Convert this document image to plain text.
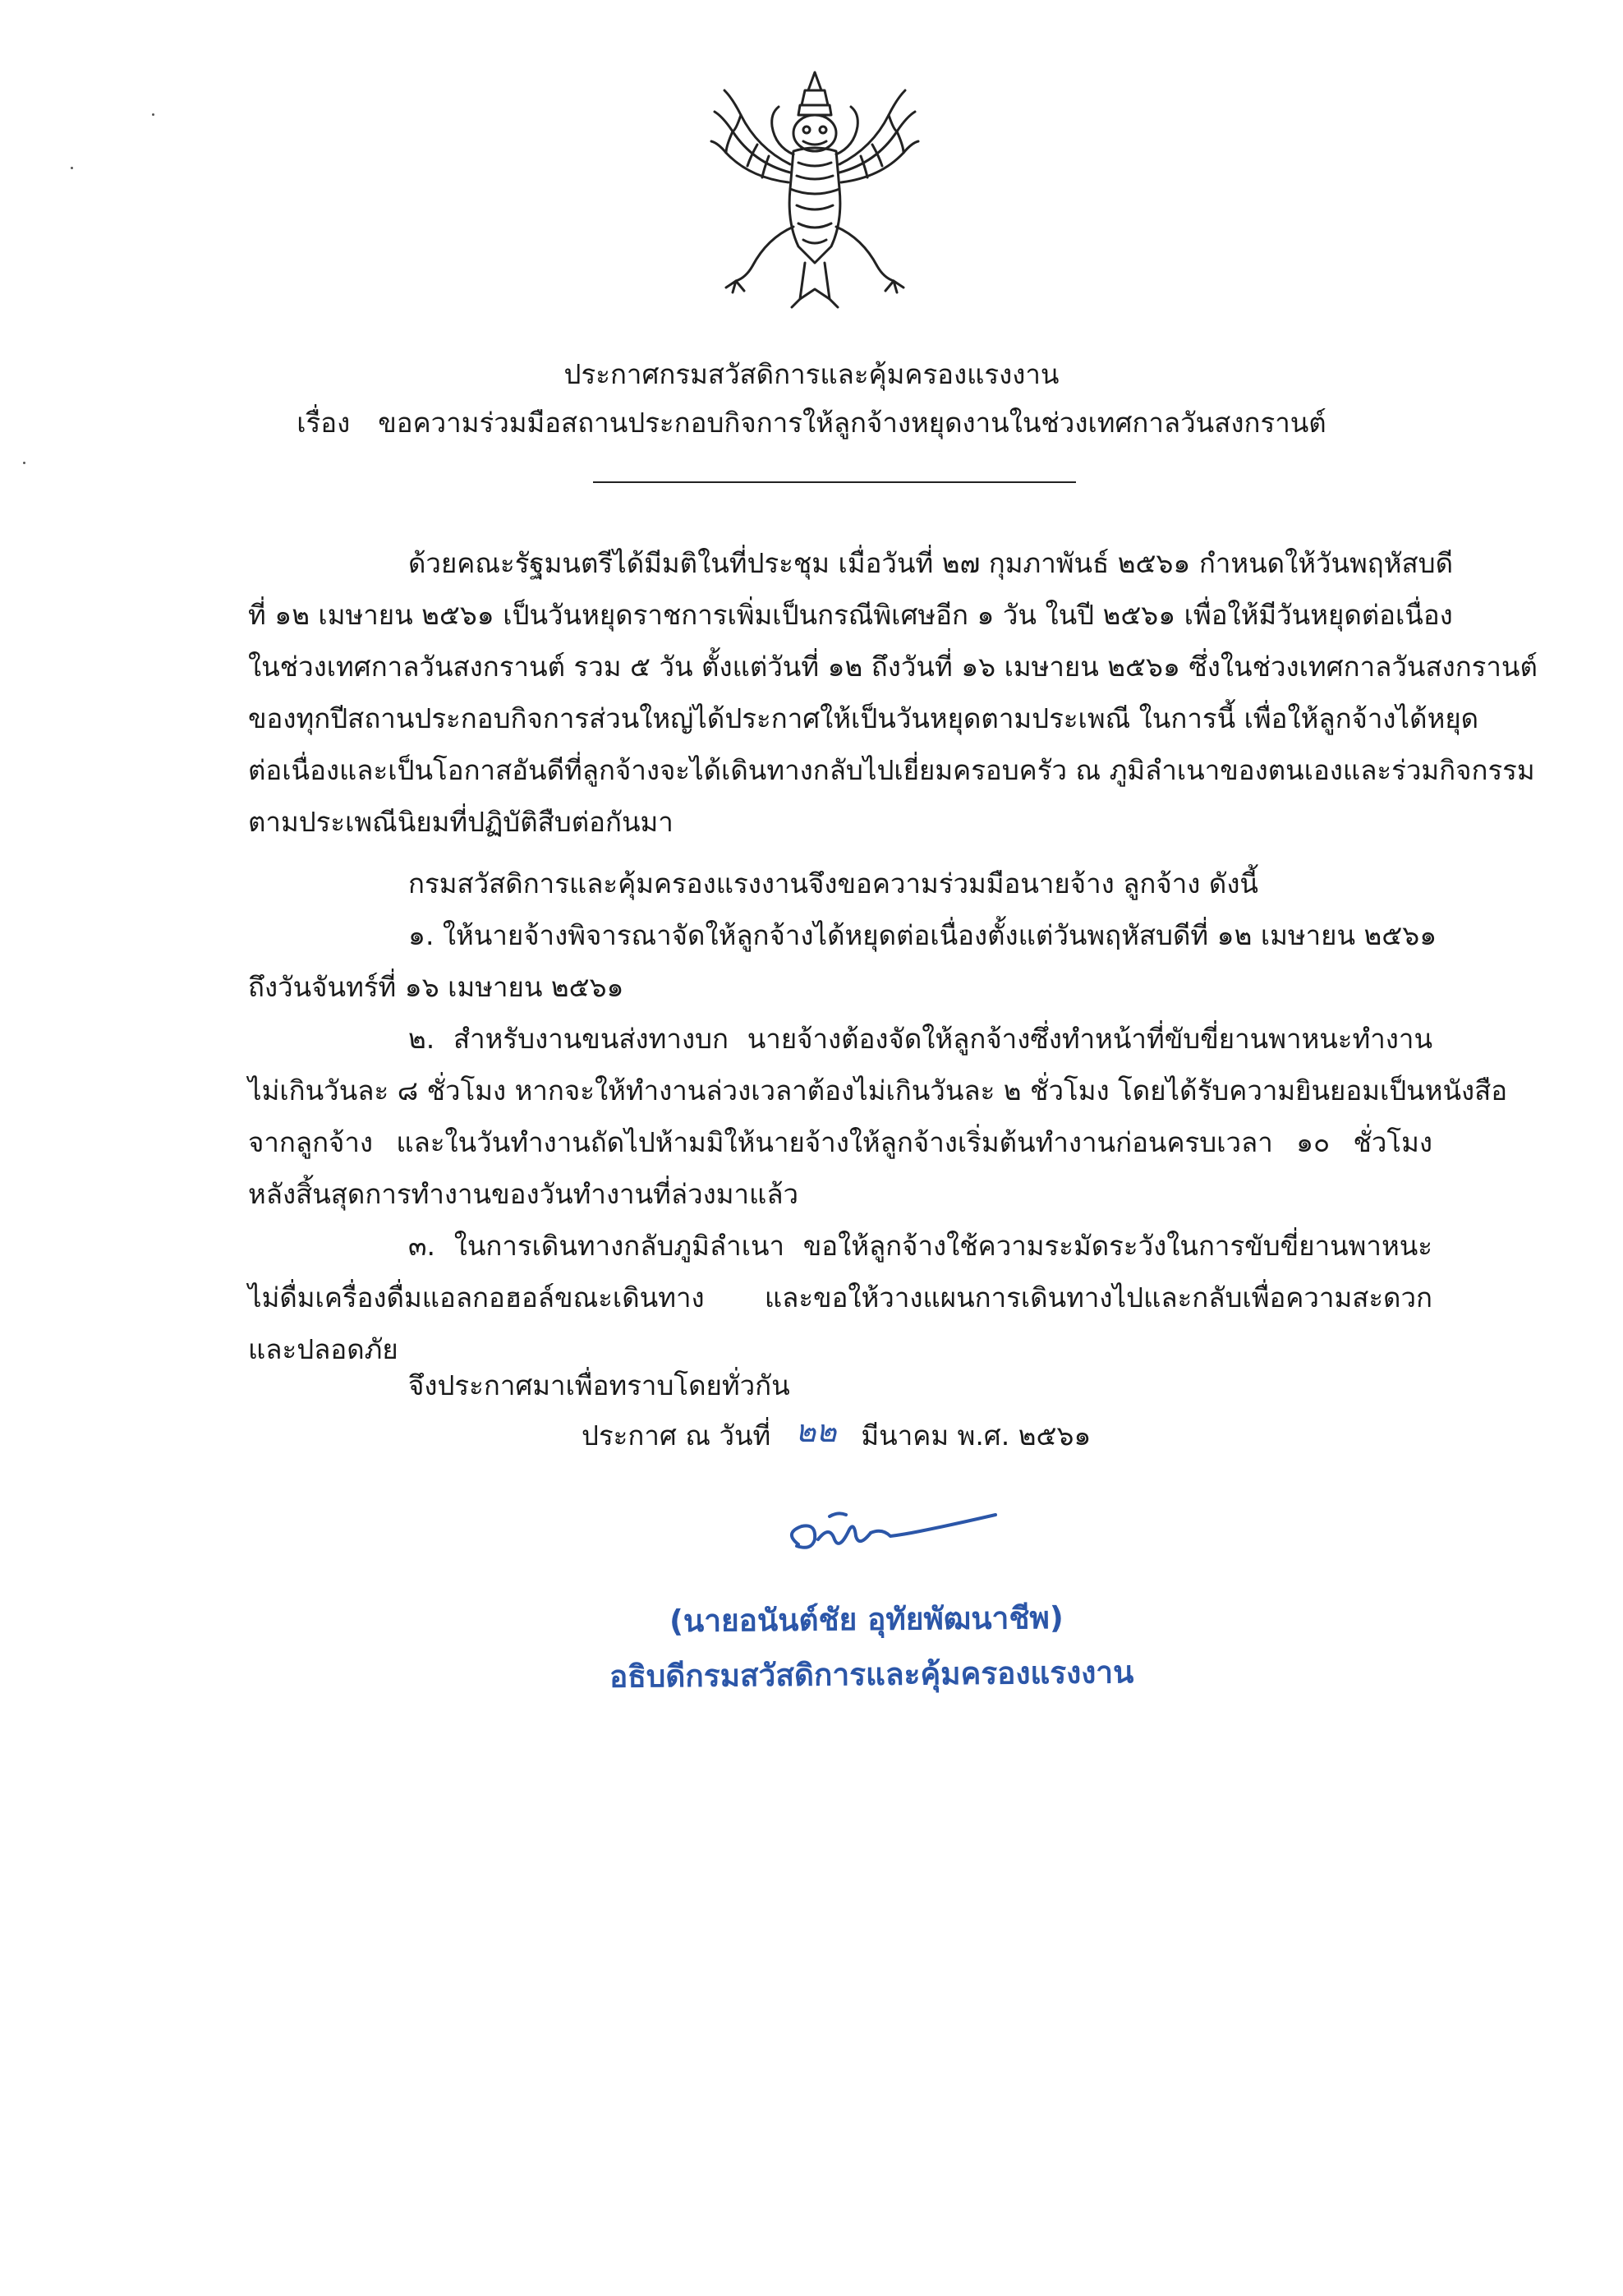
ประกาศกรมสวัสดิการและคุ้มครองแรงงาน
เรื่อง ขอความร่วมมือสถานประกอบกิจการให้ลูกจ้างหยุดงานในช่วงเทศกาลวันสงกรานต์
ด้วยคณะรัฐมนตรีได้มีมติในที่ประชุม เมื่อวันที่ ๒๗ กุมภาพันธ์ ๒๕๖๑ กำหนดให้วันพฤหัสบดี
ที่ ๑๒ เมษายน ๒๕๖๑ เป็นวันหยุดราชการเพิ่มเป็นกรณีพิเศษอีก ๑ วัน ในปี ๒๕๖๑ เพื่อให้มีวันหยุดต่อเนื่อง
ในช่วงเทศกาลวันสงกรานต์ รวม ๕ วัน ตั้งแต่วันที่ ๑๒ ถึงวันที่ ๑๖ เมษายน ๒๕๖๑ ซึ่งในช่วงเทศกาลวันสงกรานต์
ของทุกปีสถานประกอบกิจการส่วนใหญ่ได้ประกาศให้เป็นวันหยุดตามประเพณี ในการนี้ เพื่อให้ลูกจ้างได้หยุด
ต่อเนื่องและเป็นโอกาสอันดีที่ลูกจ้างจะได้เดินทางกลับไปเยี่ยมครอบครัว ณ ภูมิลำเนาของตนเองและร่วมกิจกรรม
ตามประเพณีนิยมที่ปฏิบัติสืบต่อกันมา
กรมสวัสดิการและคุ้มครองแรงงานจึงขอความร่วมมือนายจ้าง ลูกจ้าง ดังนี้
๑. ให้นายจ้างพิจารณาจัดให้ลูกจ้างได้หยุดต่อเนื่องตั้งแต่วันพฤหัสบดีที่ ๑๒ เมษายน ๒๕๖๑
ถึงวันจันทร์ที่ ๑๖ เมษายน ๒๕๖๑
๒. สำหรับงานขนส่งทางบก นายจ้างต้องจัดให้ลูกจ้างซึ่งทำหน้าที่ขับขี่ยานพาหนะทำงาน
ไม่เกินวันละ ๘ ชั่วโมง หากจะให้ทำงานล่วงเวลาต้องไม่เกินวันละ ๒ ชั่วโมง โดยได้รับความยินยอมเป็นหนังสือ
จากลูกจ้าง และในวันทำงานถัดไปห้ามมิให้นายจ้างให้ลูกจ้างเริ่มต้นทำงานก่อนครบเวลา ๑๐ ชั่วโมง
หลังสิ้นสุดการทำงานของวันทำงานที่ล่วงมาแล้ว
๓. ในการเดินทางกลับภูมิลำเนา ขอให้ลูกจ้างใช้ความระมัดระวังในการขับขี่ยานพาหนะ
ไม่ดื่มเครื่องดื่มแอลกอฮอล์ขณะเดินทาง และขอให้วางแผนการเดินทางไปและกลับเพื่อความสะดวก
และปลอดภัย
จึงประกาศมาเพื่อทราบโดยทั่วกัน
ประกาศ ณ วันที่ ๒๒ มีนาคม พ.ศ. ๒๕๖๑
(นายอนันต์ชัย อุทัยพัฒนาชีพ)
อธิบดีกรมสวัสดิการและคุ้มครองแรงงาน
